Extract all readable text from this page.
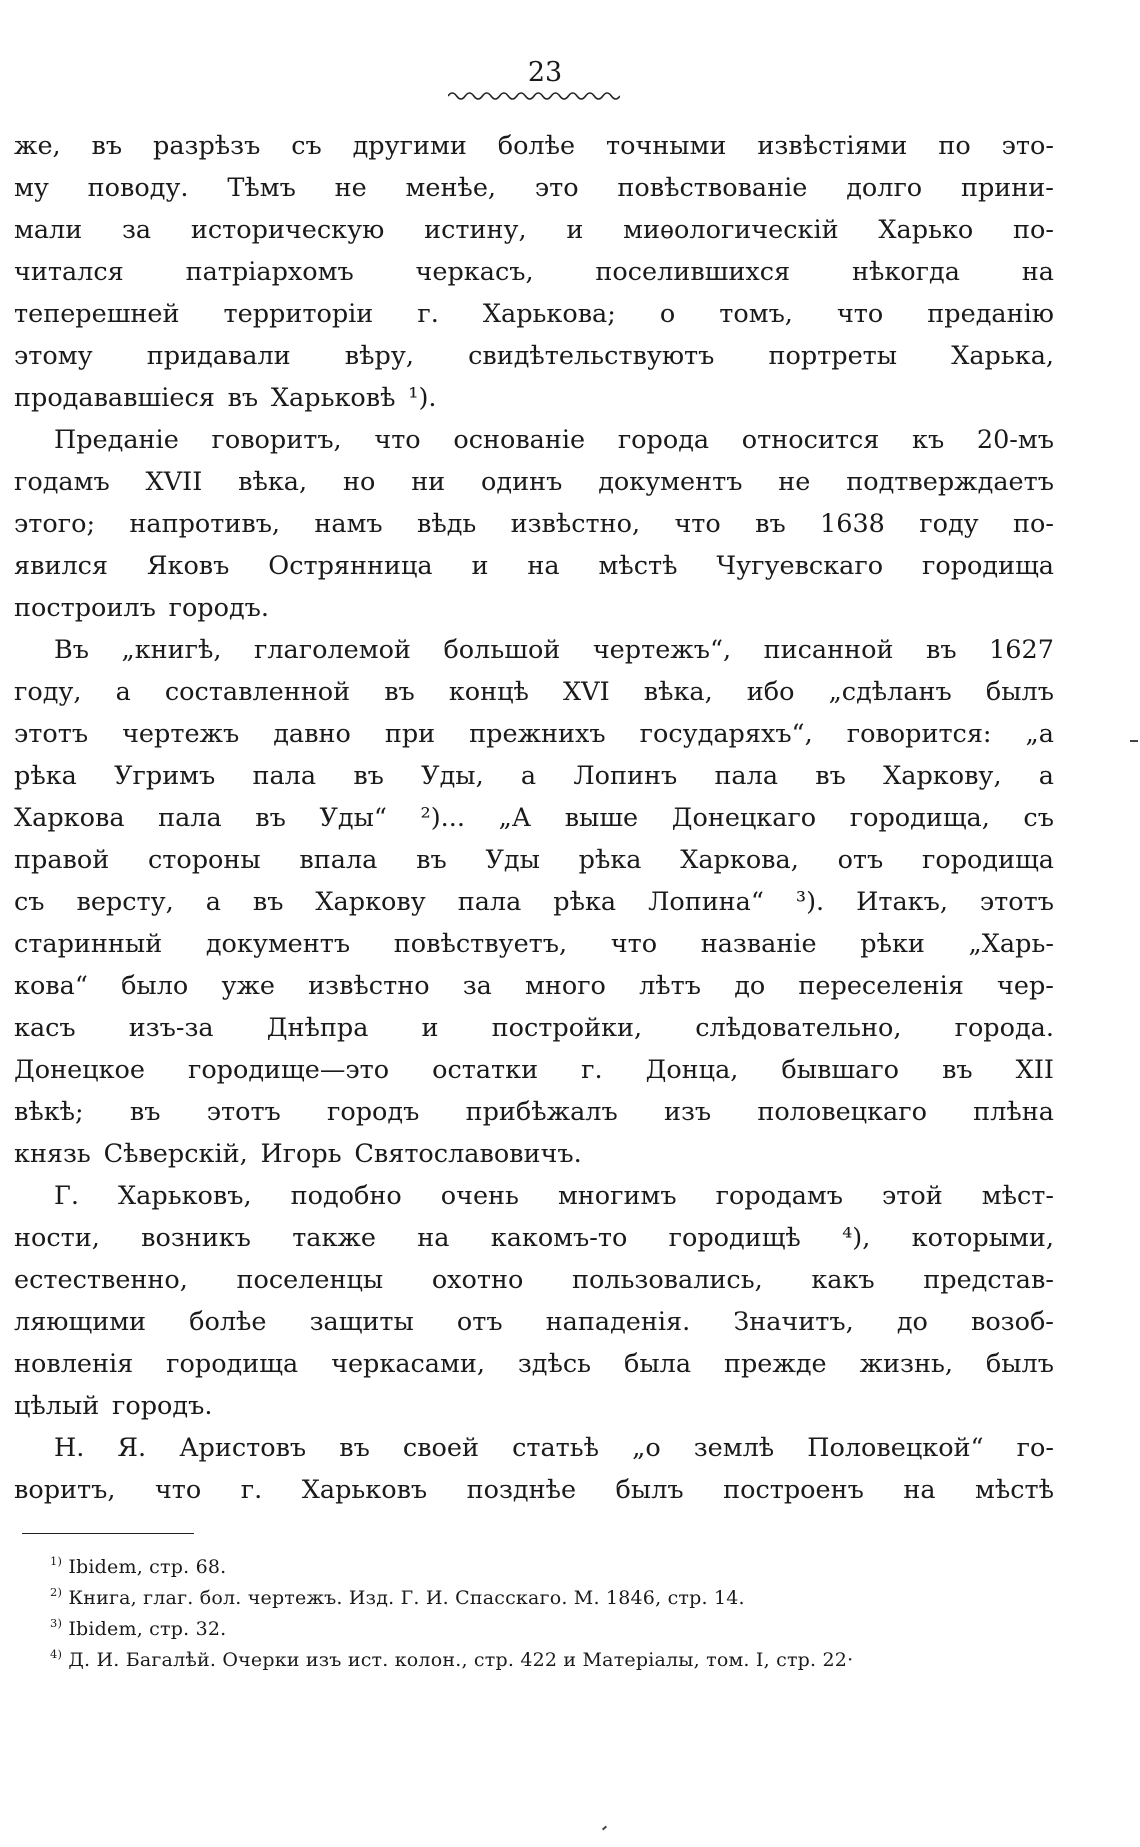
23
же, въ разрѣзъ съ другими болѣе точными извѣстіями по это-
му поводу. Тѣмъ не менѣе, это повѣствованіе долго прини-
мали за историческую истину, и миѳологическій Харько по-
читался патріархомъ черкасъ, поселившихся нѣкогда на
теперешней территоріи г. Харькова; о томъ, что преданію
этому придавали вѣру, свидѣтельствуютъ портреты Харька,
продававшіеся въ Харьковѣ ¹).
Преданіе говоритъ, что основаніе города относится къ 20-мъ
годамъ XVII вѣка, но ни одинъ документъ не подтверждаетъ
этого; напротивъ, намъ вѣдь извѣстно, что въ 1638 году по-
явился Яковъ Острянница и на мѣстѣ Чугуевскаго городища
построилъ городъ.
Въ „книгѣ, глаголемой большой чертежъ“, писанной въ 1627
году, а составленной въ концѣ XVI вѣка, ибо „сдѣланъ былъ
этотъ чертежъ давно при прежнихъ государяхъ“, говорится: „а
рѣка Угримъ пала въ Уды, а Лопинъ пала въ Харкову, а
Харкова пала въ Уды“ ²)... „А выше Донецкаго городища, съ
правой стороны впала въ Уды рѣка Харкова, отъ городища
съ версту, а въ Харкову пала рѣка Лопина“ ³). Итакъ, этотъ
старинный документъ повѣствуетъ, что названіе рѣки „Харь-
кова“ было уже извѣстно за много лѣтъ до переселенія чер-
касъ изъ-за Днѣпра и постройки, слѣдовательно, города.
Донецкое городище—это остатки г. Донца, бывшаго въ XII
вѣкѣ; въ этотъ городъ прибѣжалъ изъ половецкаго плѣна
князь Сѣверскій, Игорь Святославовичъ.
Г. Харьковъ, подобно очень многимъ городамъ этой мѣст-
ности, возникъ также на какомъ-то городищѣ ⁴), которыми,
естественно, поселенцы охотно пользовались, какъ представ-
ляющими болѣе защиты отъ нападенія. Значитъ, до возоб-
новленія городища черкасами, здѣсь была прежде жизнь, былъ
цѣлый городъ.
Н. Я. Аристовъ въ своей статьѣ „о землѣ Половецкой“ го-
воритъ, что г. Харьковъ позднѣе былъ построенъ на мѣстѣ
$^{1)}$ Ibidem, стр. 68.
$^{2)}$ Книга, глаг. бол. чертежъ. Изд. Г. И. Спасскаго. М. 1846, стр. 14.
$^{3)}$ Ibidem, стр. 32.
$^{4)}$ Д. И. Багалѣй. Очерки изъ ист. колон., стр. 422 и Матеріалы, том. I, стр. 22·
